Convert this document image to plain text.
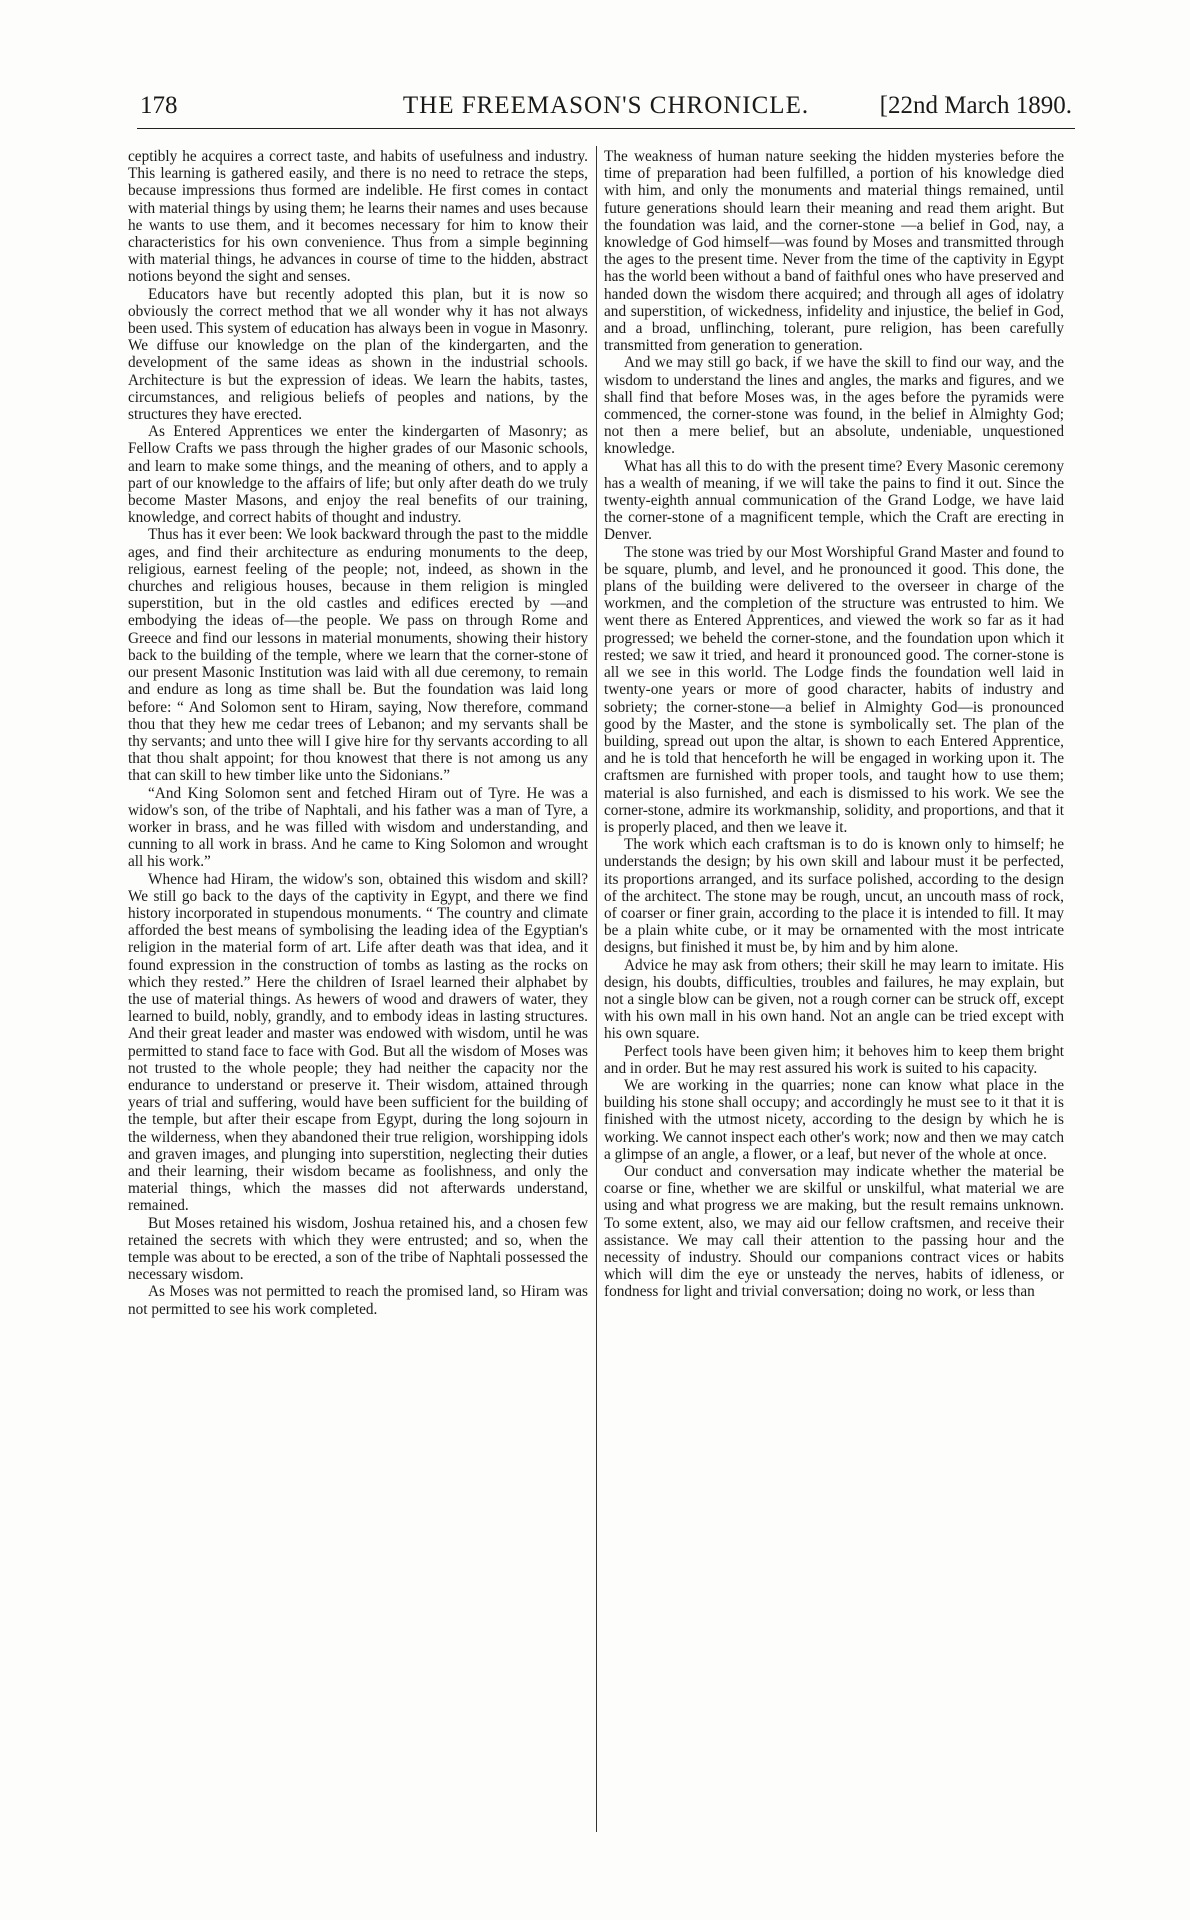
178	THE FREEMASON'S CHRONICLE.	[22nd March 1890.

ceptibly he acquires a correct taste, and habits of usefulness and industry. This learning is gathered easily, and there is no need to retrace the steps, because impressions thus formed are indelible. He first comes in contact with material things by using them; he learns their names and uses because he wants to use them, and it becomes necessary for him to know their characteristics for his own convenience. Thus from a simple beginning with material things, he advances in course of time to the hidden, abstract notions beyond the sight and senses.

Educators have but recently adopted this plan, but it is now so obviously the correct method that we all wonder why it has not always been used. This system of education has always been in vogue in Masonry. We diffuse our knowledge on the plan of the kindergarten, and the development of the same ideas as shown in the industrial schools. Architecture is but the expression of ideas. We learn the habits, tastes, circumstances, and religious beliefs of peoples and nations, by the structures they have erected.

As Entered Apprentices we enter the kindergarten of Masonry; as Fellow Crafts we pass through the higher grades of our Masonic schools, and learn to make some things, and the meaning of others, and to apply a part of our knowledge to the affairs of life; but only after death do we truly become Master Masons, and enjoy the real benefits of our training, knowledge, and correct habits of thought and industry.

Thus has it ever been: We look backward through the past to the middle ages, and find their architecture as enduring monuments to the deep, religious, earnest feeling of the people; not, indeed, as shown in the churches and religious houses, because in them religion is mingled superstition, but in the old castles and edifices erected by —and embodying the ideas of—the people. We pass on through Rome and Greece and find our lessons in material monuments, showing their history back to the building of the temple, where we learn that the corner-stone of our present Masonic Institution was laid with all due ceremony, to remain and endure as long as time shall be. But the foundation was laid long before: “ And Solomon sent to Hiram, saying, Now therefore, command thou that they hew me cedar trees of Lebanon; and my servants shall be thy servants; and unto thee will I give hire for thy servants according to all that thou shalt appoint; for thou knowest that there is not among us any that can skill to hew timber like unto the Sidonians.”

“And King Solomon sent and fetched Hiram out of Tyre. He was a widow's son, of the tribe of Naphtali, and his father was a man of Tyre, a worker in brass, and he was filled with wisdom and understanding, and cunning to all work in brass. And he came to King Solomon and wrought all his work.”

Whence had Hiram, the widow's son, obtained this wisdom and skill? We still go back to the days of the captivity in Egypt, and there we find history incorporated in stupendous monuments. “ The country and climate afforded the best means of symbolising the leading idea of the Egyptian's religion in the material form of art. Life after death was that idea, and it found expression in the construction of tombs as lasting as the rocks on which they rested.” Here the children of Israel learned their alphabet by the use of material things. As hewers of wood and drawers of water, they learned to build, nobly, grandly, and to embody ideas in lasting structures. And their great leader and master was endowed with wisdom, until he was permitted to stand face to face with God. But all the wisdom of Moses was not trusted to the whole people; they had neither the capacity nor the endurance to understand or preserve it. Their wisdom, attained through years of trial and suffering, would have been sufficient for the building of the temple, but after their escape from Egypt, during the long sojourn in the wilderness, when they abandoned their true religion, worshipping idols and graven images, and plunging into superstition, neglecting their duties and their learning, their wisdom became as foolishness, and only the material things, which the masses did not afterwards understand, remained.

But Moses retained his wisdom, Joshua retained his, and a chosen few retained the secrets with which they were entrusted; and so, when the temple was about to be erected, a son of the tribe of Naphtali possessed the necessary wisdom.

As Moses was not permitted to reach the promised land, so Hiram was not permitted to see his work completed.

The weakness of human nature seeking the hidden mysteries before the time of preparation had been fulfilled, a portion of his knowledge died with him, and only the monuments and material things remained, until future generations should learn their meaning and read them aright. But the foundation was laid, and the corner-stone —a belief in God, nay, a knowledge of God himself—was found by Moses and transmitted through the ages to the present time. Never from the time of the captivity in Egypt has the world been without a band of faithful ones who have preserved and handed down the wisdom there acquired; and through all ages of idolatry and superstition, of wickedness, infidelity and injustice, the belief in God, and a broad, unflinching, tolerant, pure religion, has been carefully transmitted from generation to generation.

And we may still go back, if we have the skill to find our way, and the wisdom to understand the lines and angles, the marks and figures, and we shall find that before Moses was, in the ages before the pyramids were commenced, the corner-stone was found, in the belief in Almighty God; not then a mere belief, but an absolute, undeniable, unquestioned knowledge.

What has all this to do with the present time? Every Masonic ceremony has a wealth of meaning, if we will take the pains to find it out. Since the twenty-eighth annual communication of the Grand Lodge, we have laid the corner-stone of a magnificent temple, which the Craft are erecting in Denver.

The stone was tried by our Most Worshipful Grand Master and found to be square, plumb, and level, and he pronounced it good. This done, the plans of the building were delivered to the overseer in charge of the workmen, and the completion of the structure was entrusted to him. We went there as Entered Apprentices, and viewed the work so far as it had progressed; we beheld the corner-stone, and the foundation upon which it rested; we saw it tried, and heard it pronounced good. The corner-stone is all we see in this world. The Lodge finds the foundation well laid in twenty-one years or more of good character, habits of industry and sobriety; the corner-stone—a belief in Almighty God—is pronounced good by the Master, and the stone is symbolically set. The plan of the building, spread out upon the altar, is shown to each Entered Apprentice, and he is told that henceforth he will be engaged in working upon it. The craftsmen are furnished with proper tools, and taught how to use them; material is also furnished, and each is dismissed to his work. We see the corner-stone, admire its workmanship, solidity, and proportions, and that it is properly placed, and then we leave it.

The work which each craftsman is to do is known only to himself; he understands the design; by his own skill and labour must it be perfected, its proportions arranged, and its surface polished, according to the design of the architect. The stone may be rough, uncut, an uncouth mass of rock, of coarser or finer grain, according to the place it is intended to fill. It may be a plain white cube, or it may be ornamented with the most intricate designs, but finished it must be, by him and by him alone.

Advice he may ask from others; their skill he may learn to imitate. His design, his doubts, difficulties, troubles and failures, he may explain, but not a single blow can be given, not a rough corner can be struck off, except with his own mall in his own hand. Not an angle can be tried except with his own square.

Perfect tools have been given him; it behoves him to keep them bright and in order. But he may rest assured his work is suited to his capacity.

We are working in the quarries; none can know what place in the building his stone shall occupy; and accordingly he must see to it that it is finished with the utmost nicety, according to the design by which he is working. We cannot inspect each other's work; now and then we may catch a glimpse of an angle, a flower, or a leaf, but never of the whole at once.

Our conduct and conversation may indicate whether the material be coarse or fine, whether we are skilful or unskilful, what material we are using and what progress we are making, but the result remains unknown. To some extent, also, we may aid our fellow craftsmen, and receive their assistance. We may call their attention to the passing hour and the necessity of industry. Should our companions contract vices or habits which will dim the eye or unsteady the nerves, habits of idleness, or fondness for light and trivial conversation; doing no work, or less than
